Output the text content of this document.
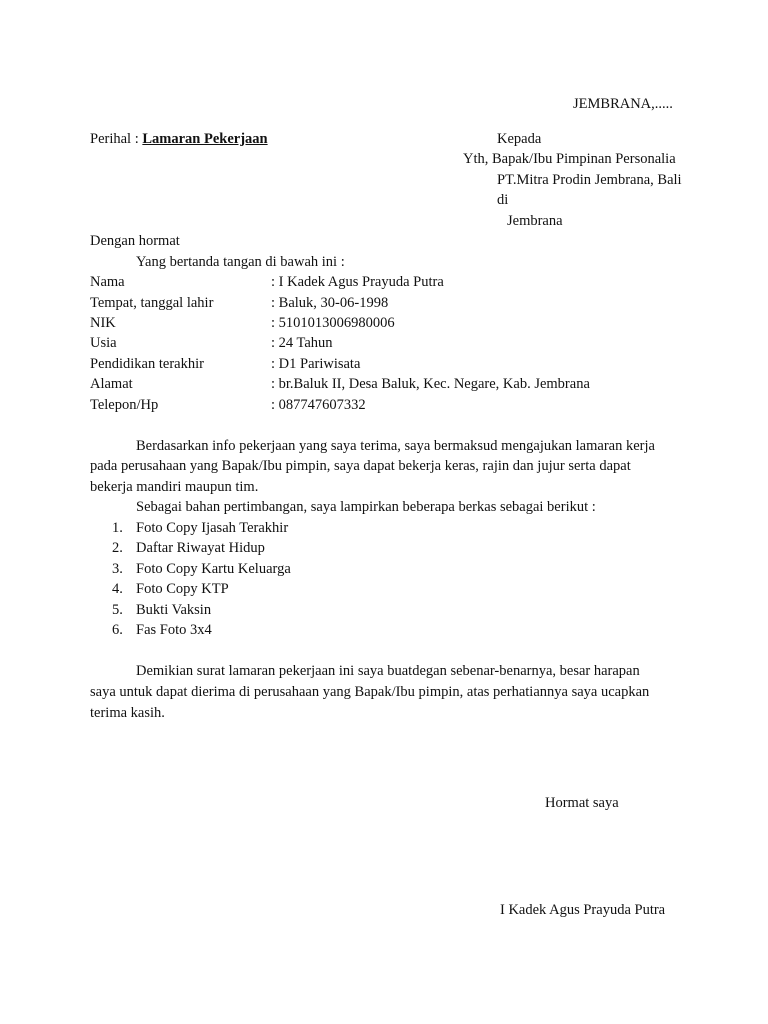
JEMBRANA,.....
Perihal : Lamaran Pekerjaan	Kepada
Yth, Bapak/Ibu Pimpinan Personalia
PT.Mitra Prodin Jembrana, Bali
di
Jembrana
Dengan hormat
Yang bertanda tangan di bawah ini :
Nama	: I Kadek Agus Prayuda Putra
Tempat, tanggal lahir	: Baluk, 30-06-1998
NIK	: 5101013006980006
Usia	: 24 Tahun
Pendidikan terakhir	: D1 Pariwisata
Alamat	: br.Baluk II, Desa Baluk, Kec. Negare, Kab. Jembrana
Telepon/Hp	: 087747607332
Berdasarkan info pekerjaan yang saya terima, saya bermaksud mengajukan lamaran kerja
pada perusahaan yang Bapak/Ibu pimpin, saya dapat bekerja keras, rajin dan jujur serta dapat
bekerja mandiri maupun tim.
Sebagai bahan pertimbangan, saya lampirkan beberapa berkas sebagai berikut :
1. Foto Copy Ijasah Terakhir
2. Daftar Riwayat Hidup
3. Foto Copy Kartu Keluarga
4. Foto Copy KTP
5. Bukti Vaksin
6. Fas Foto 3x4
Demikian surat lamaran pekerjaan ini saya buatdegan sebenar-benarnya, besar harapan
saya untuk dapat dierima di perusahaan yang Bapak/Ibu pimpin, atas perhatiannya saya ucapkan
terima kasih.
Hormat saya
I Kadek Agus Prayuda Putra
